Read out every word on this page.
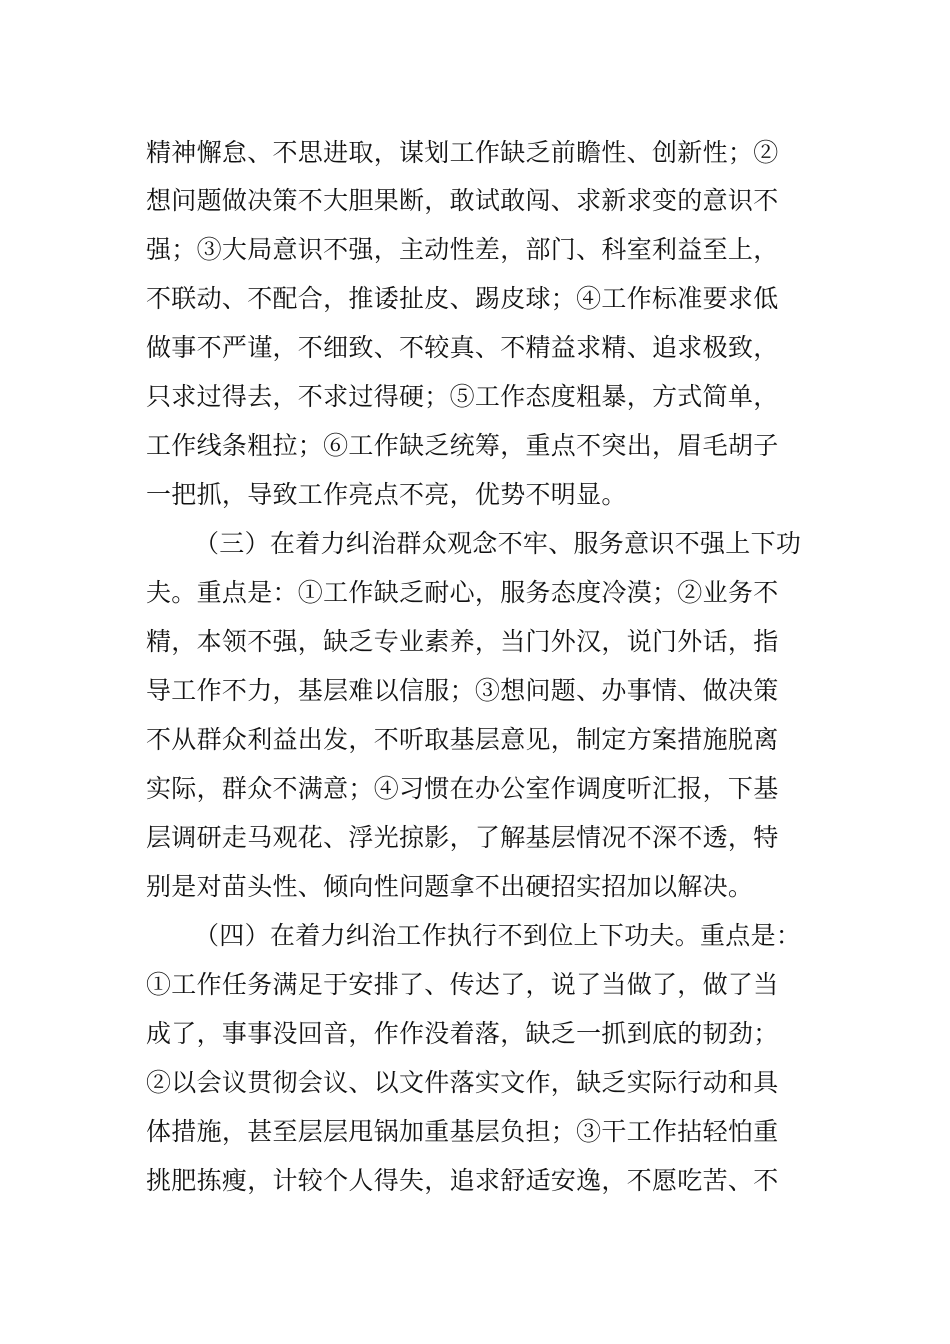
精神懈怠、不思进取，谋划工作缺乏前瞻性、创新性；②
想问题做决策不大胆果断，敢试敢闯、求新求变的意识不
强；③大局意识不强，主动性差，部门、科室利益至上，
不联动、不配合，推诿扯皮、踢皮球；④工作标准要求低
做事不严谨，不细致、不较真、不精益求精、追求极致，
只求过得去，不求过得硬；⑤工作态度粗暴，方式简单，
工作线条粗拉；⑥工作缺乏统筹，重点不突出，眉毛胡子
一把抓，导致工作亮点不亮，优势不明显。
（三）在着力纠治群众观念不牢、服务意识不强上下功
夫。重点是：①工作缺乏耐心，服务态度冷漠；②业务不
精，本领不强，缺乏专业素养，当门外汉，说门外话，指
导工作不力，基层难以信服；③想问题、办事情、做决策
不从群众利益出发，不听取基层意见，制定方案措施脱离
实际，群众不满意；④习惯在办公室作调度听汇报，下基
层调研走马观花、浮光掠影，了解基层情况不深不透，特
别是对苗头性、倾向性问题拿不出硬招实招加以解决。
（四）在着力纠治工作执行不到位上下功夫。重点是：
①工作任务满足于安排了、传达了，说了当做了，做了当
成了，事事没回音，作作没着落，缺乏一抓到底的韧劲；
②以会议贯彻会议、以文件落实文作，缺乏实际行动和具
体措施，甚至层层甩锅加重基层负担；③干工作拈轻怕重
挑肥拣瘦，计较个人得失，追求舒适安逸，不愿吃苦、不
